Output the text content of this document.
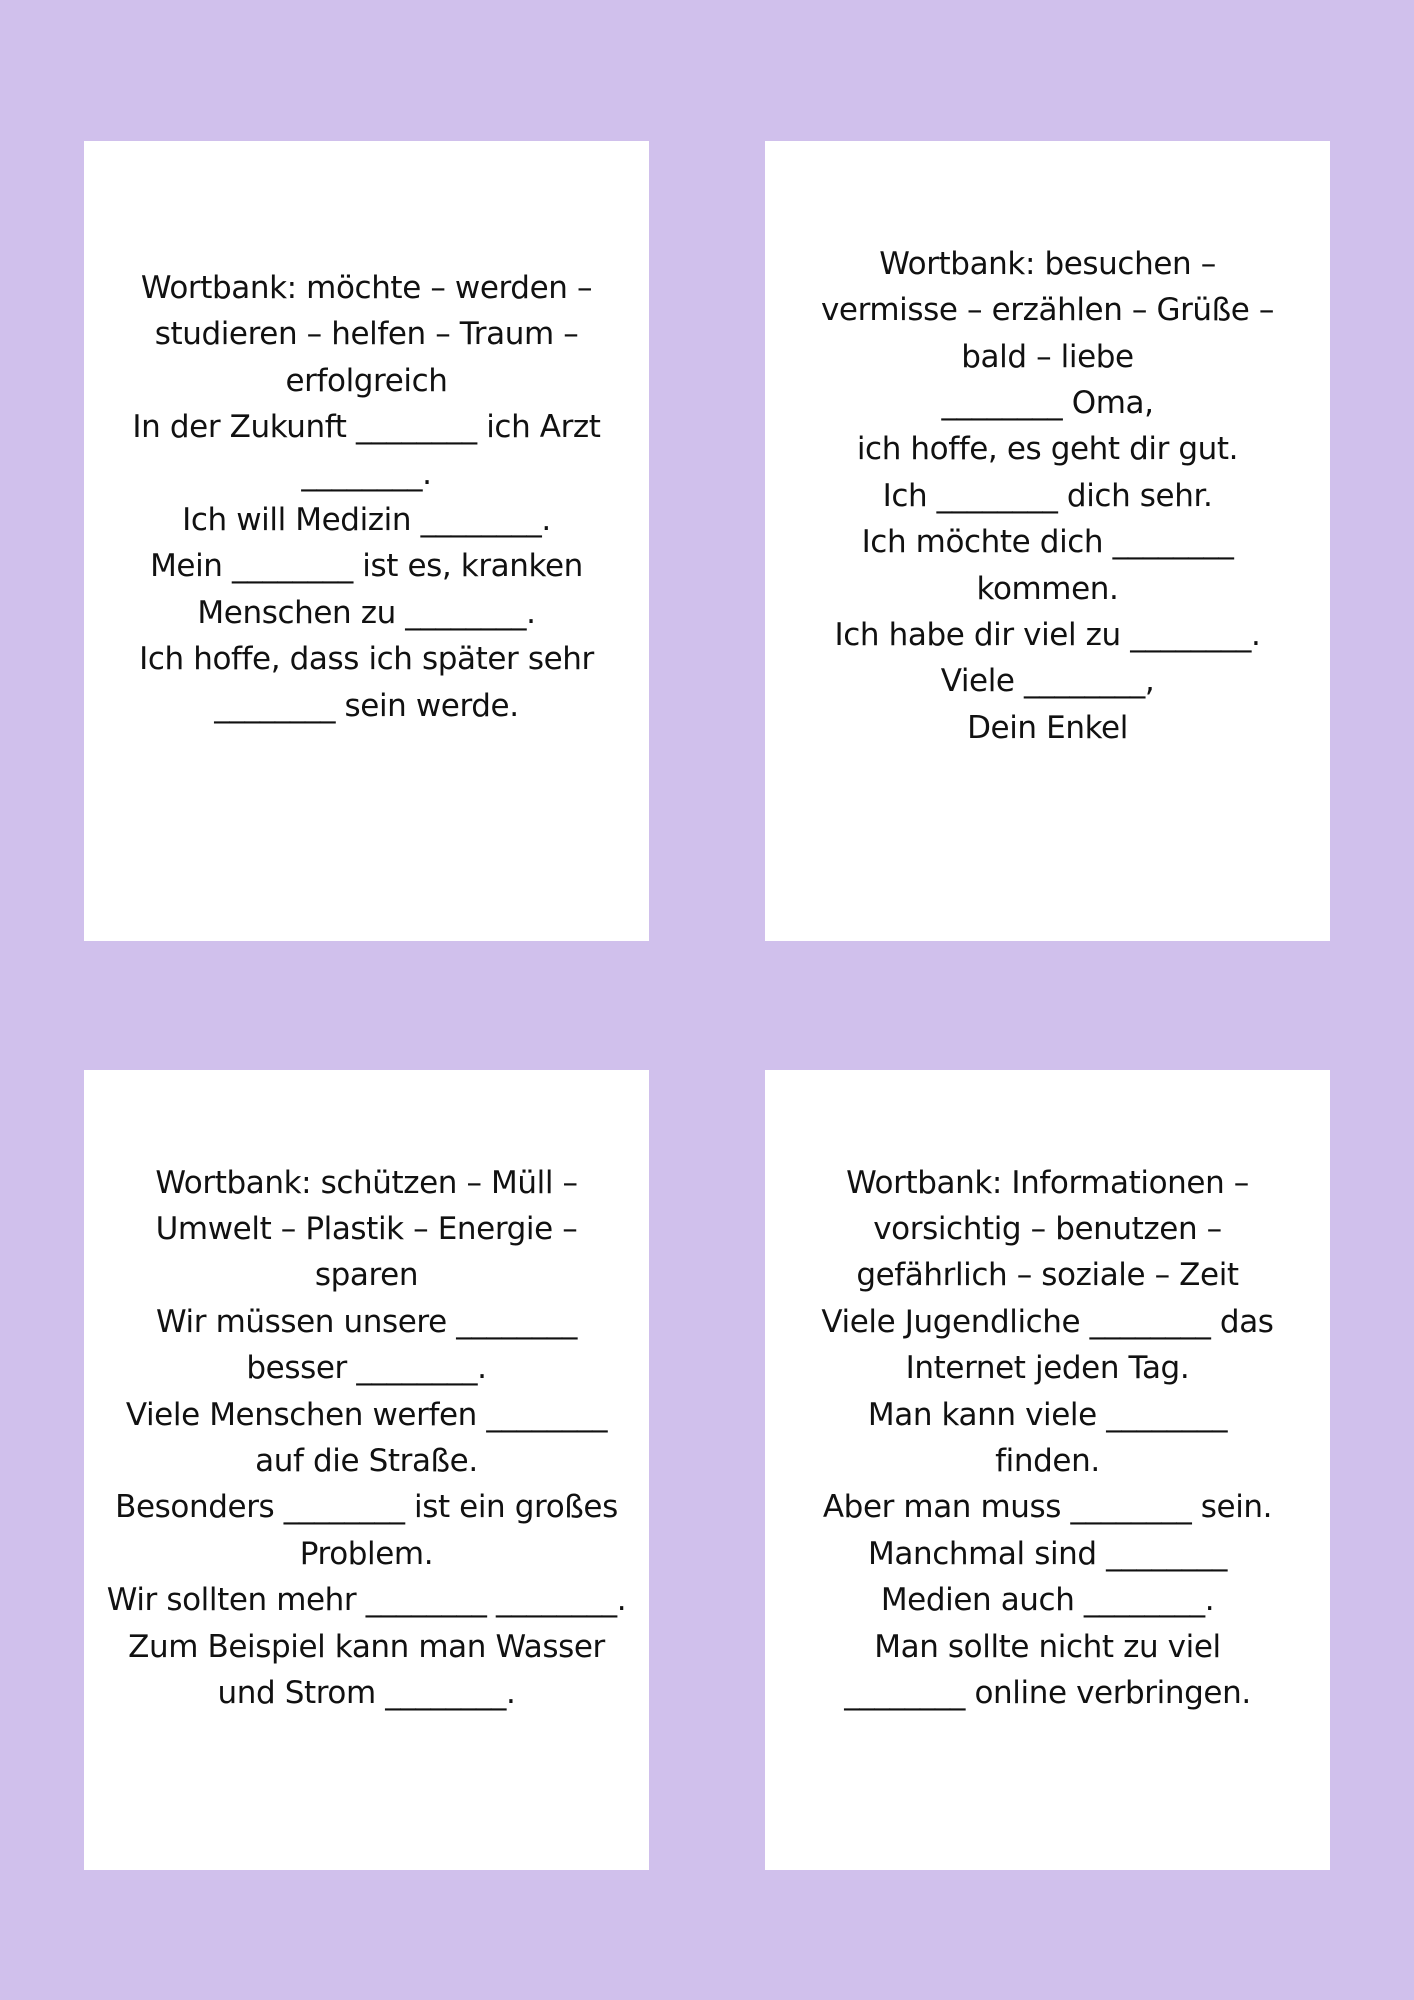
Wortbank: möchte – werden –
studieren – helfen – Traum –
erfolgreich
In der Zukunft ________ ich Arzt
________.
Ich will Medizin ________.
Mein ________ ist es, kranken
Menschen zu ________.
Ich hoffe, dass ich später sehr
________ sein werde.
Wortbank: besuchen –
vermisse – erzählen – Grüße –
bald – liebe
________ Oma,
ich hoffe, es geht dir gut.
Ich ________ dich sehr.
Ich möchte dich ________
kommen.
Ich habe dir viel zu ________.
Viele ________,
Dein Enkel
Wortbank: schützen – Müll –
Umwelt – Plastik – Energie –
sparen
Wir müssen unsere ________
besser ________.
Viele Menschen werfen ________
auf die Straße.
Besonders ________ ist ein großes
Problem.
Wir sollten mehr ________ ________.
Zum Beispiel kann man Wasser
und Strom ________.
Wortbank: Informationen –
vorsichtig – benutzen –
gefährlich – soziale – Zeit
Viele Jugendliche ________ das
Internet jeden Tag.
Man kann viele ________
finden.
Aber man muss ________ sein.
Manchmal sind ________
Medien auch ________.
Man sollte nicht zu viel
________ online verbringen.
